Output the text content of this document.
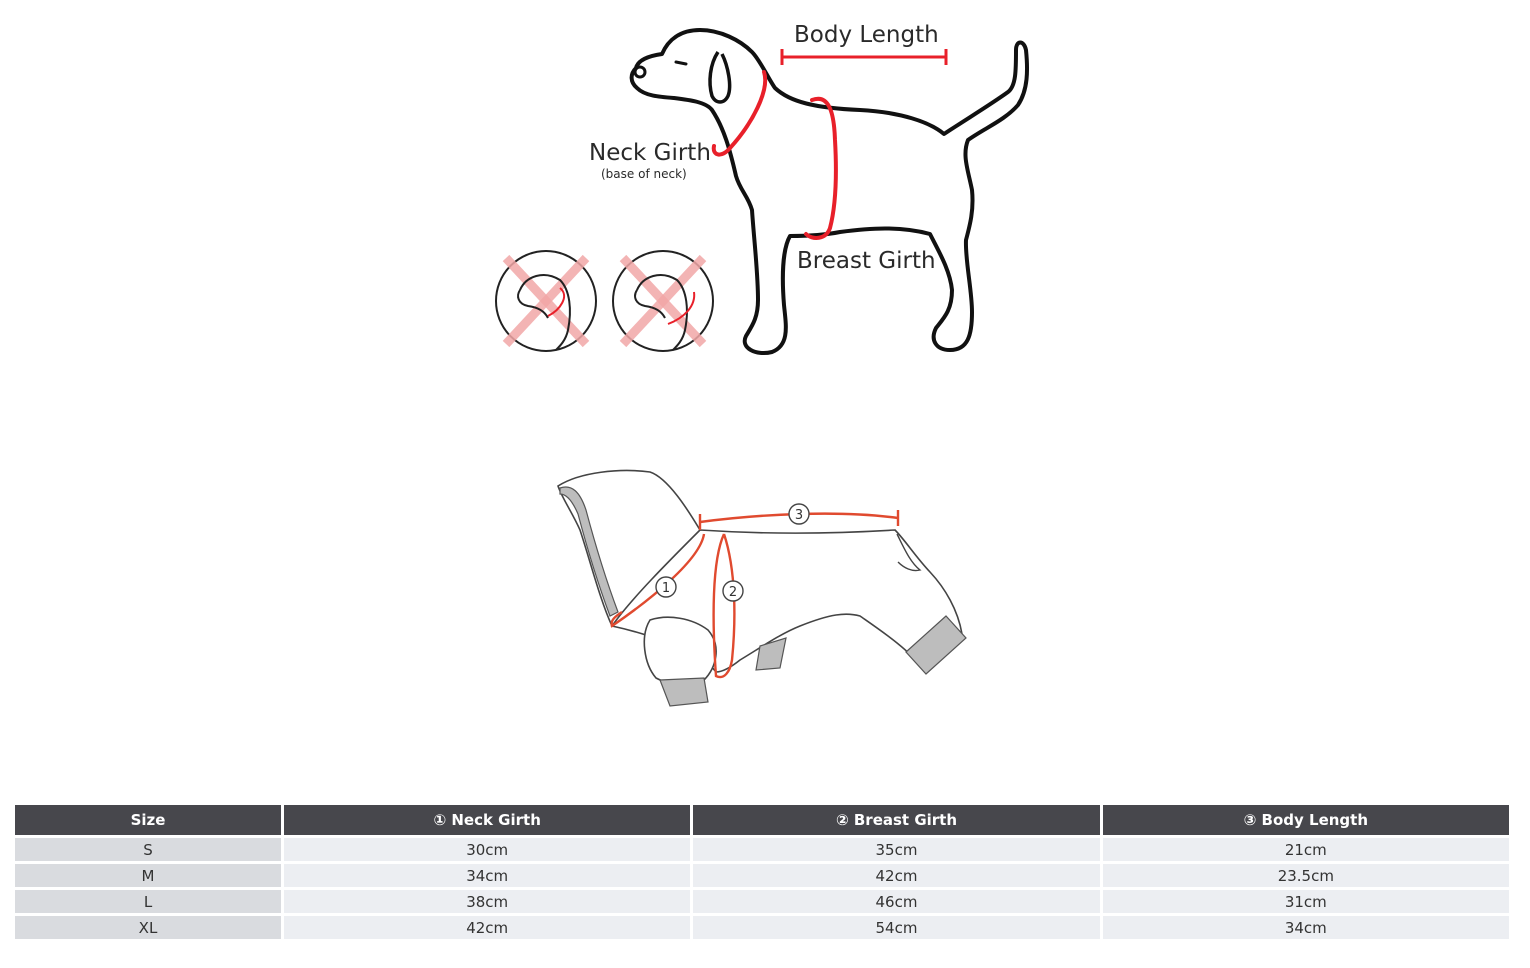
Body Length
Neck Girth
(base of neck)
Breast Girth
1	2
3
Size	① Neck Girth	② Breast Girth	③ Body Length
S	30cm	35cm	21cm
M	34cm	42cm	23.5cm
L	38cm	46cm	31cm
XL	42cm	54cm	34cm
